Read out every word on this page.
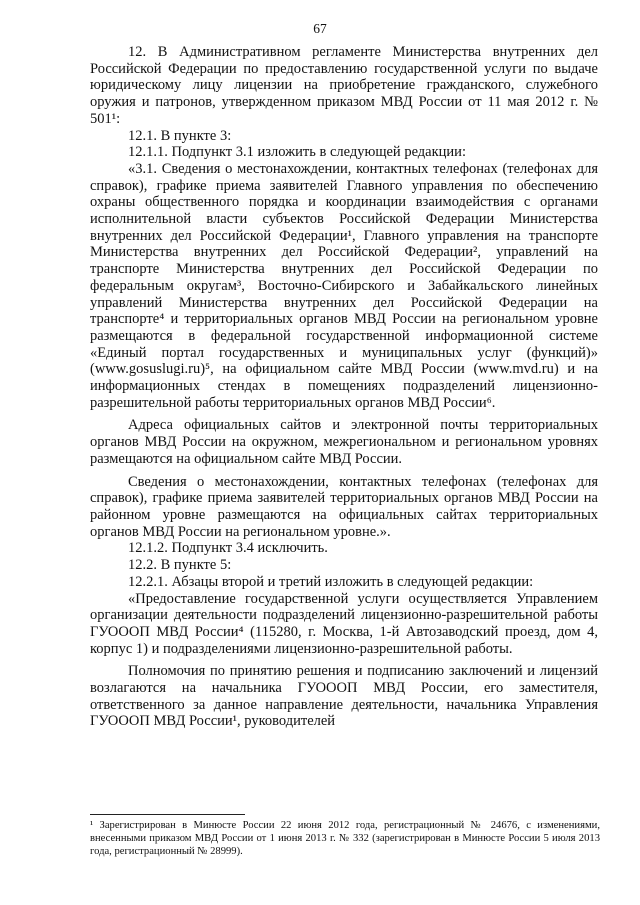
67

12. В Административном регламенте Министерства внутренних дел Российской Федерации по предоставлению государственной услуги по выдаче юридическому лицу лицензии на приобретение гражданского, служебного оружия и патронов, утвержденном приказом МВД России от 11 мая 2012 г. № 501¹:

12.1. В пункте 3:

12.1.1. Подпункт 3.1 изложить в следующей редакции:

«3.1. Сведения о местонахождении, контактных телефонах (телефонах для справок), графике приема заявителей Главного управления по обеспечению охраны общественного порядка и координации взаимодействия с органами исполнительной власти субъектов Российской Федерации Министерства внутренних дел Российской Федерации¹, Главного управления на транспорте Министерства внутренних дел Российской Федерации², управлений на транспорте Министерства внутренних дел Российской Федерации по федеральным округам³, Восточно-Сибирского и Забайкальского линейных управлений Министерства внутренних дел Российской Федерации на транспорте⁴ и территориальных органов МВД России на региональном уровне размещаются в федеральной государственной информационной системе «Единый портал государственных и муниципальных услуг (функций)» (www.gosuslugi.ru)⁵, на официальном сайте МВД России (www.mvd.ru) и на информационных стендах в помещениях подразделений лицензионно-разрешительной работы территориальных органов МВД России⁶.

Адреса официальных сайтов и электронной почты территориальных органов МВД России на окружном, межрегиональном и региональном уровнях размещаются на официальном сайте МВД России.

Сведения о местонахождении, контактных телефонах (телефонах для справок), графике приема заявителей территориальных органов МВД России на районном уровне размещаются на официальных сайтах территориальных органов МВД России на региональном уровне.».

12.1.2. Подпункт 3.4 исключить.

12.2. В пункте 5:

12.2.1. Абзацы второй и третий изложить в следующей редакции:

«Предоставление государственной услуги осуществляется Управлением организации деятельности подразделений лицензионно-разрешительной работы ГУОООП МВД России⁴ (115280, г. Москва, 1-й Автозаводский проезд, дом 4, корпус 1) и подразделениями лицензионно-разрешительной работы.

Полномочия по принятию решения и подписанию заключений и лицензий возлагаются на начальника ГУОООП МВД России, его заместителя, ответственного за данное направление деятельности, начальника Управления ГУОООП МВД России¹, руководителей

¹ Зарегистрирован в Минюсте России 22 июня 2012 года, регистрационный № 24676, с изменениями, внесенными приказом МВД России от 1 июня 2013 г. № 332 (зарегистрирован в Минюсте России 5 июля 2013 года, регистрационный № 28999).
